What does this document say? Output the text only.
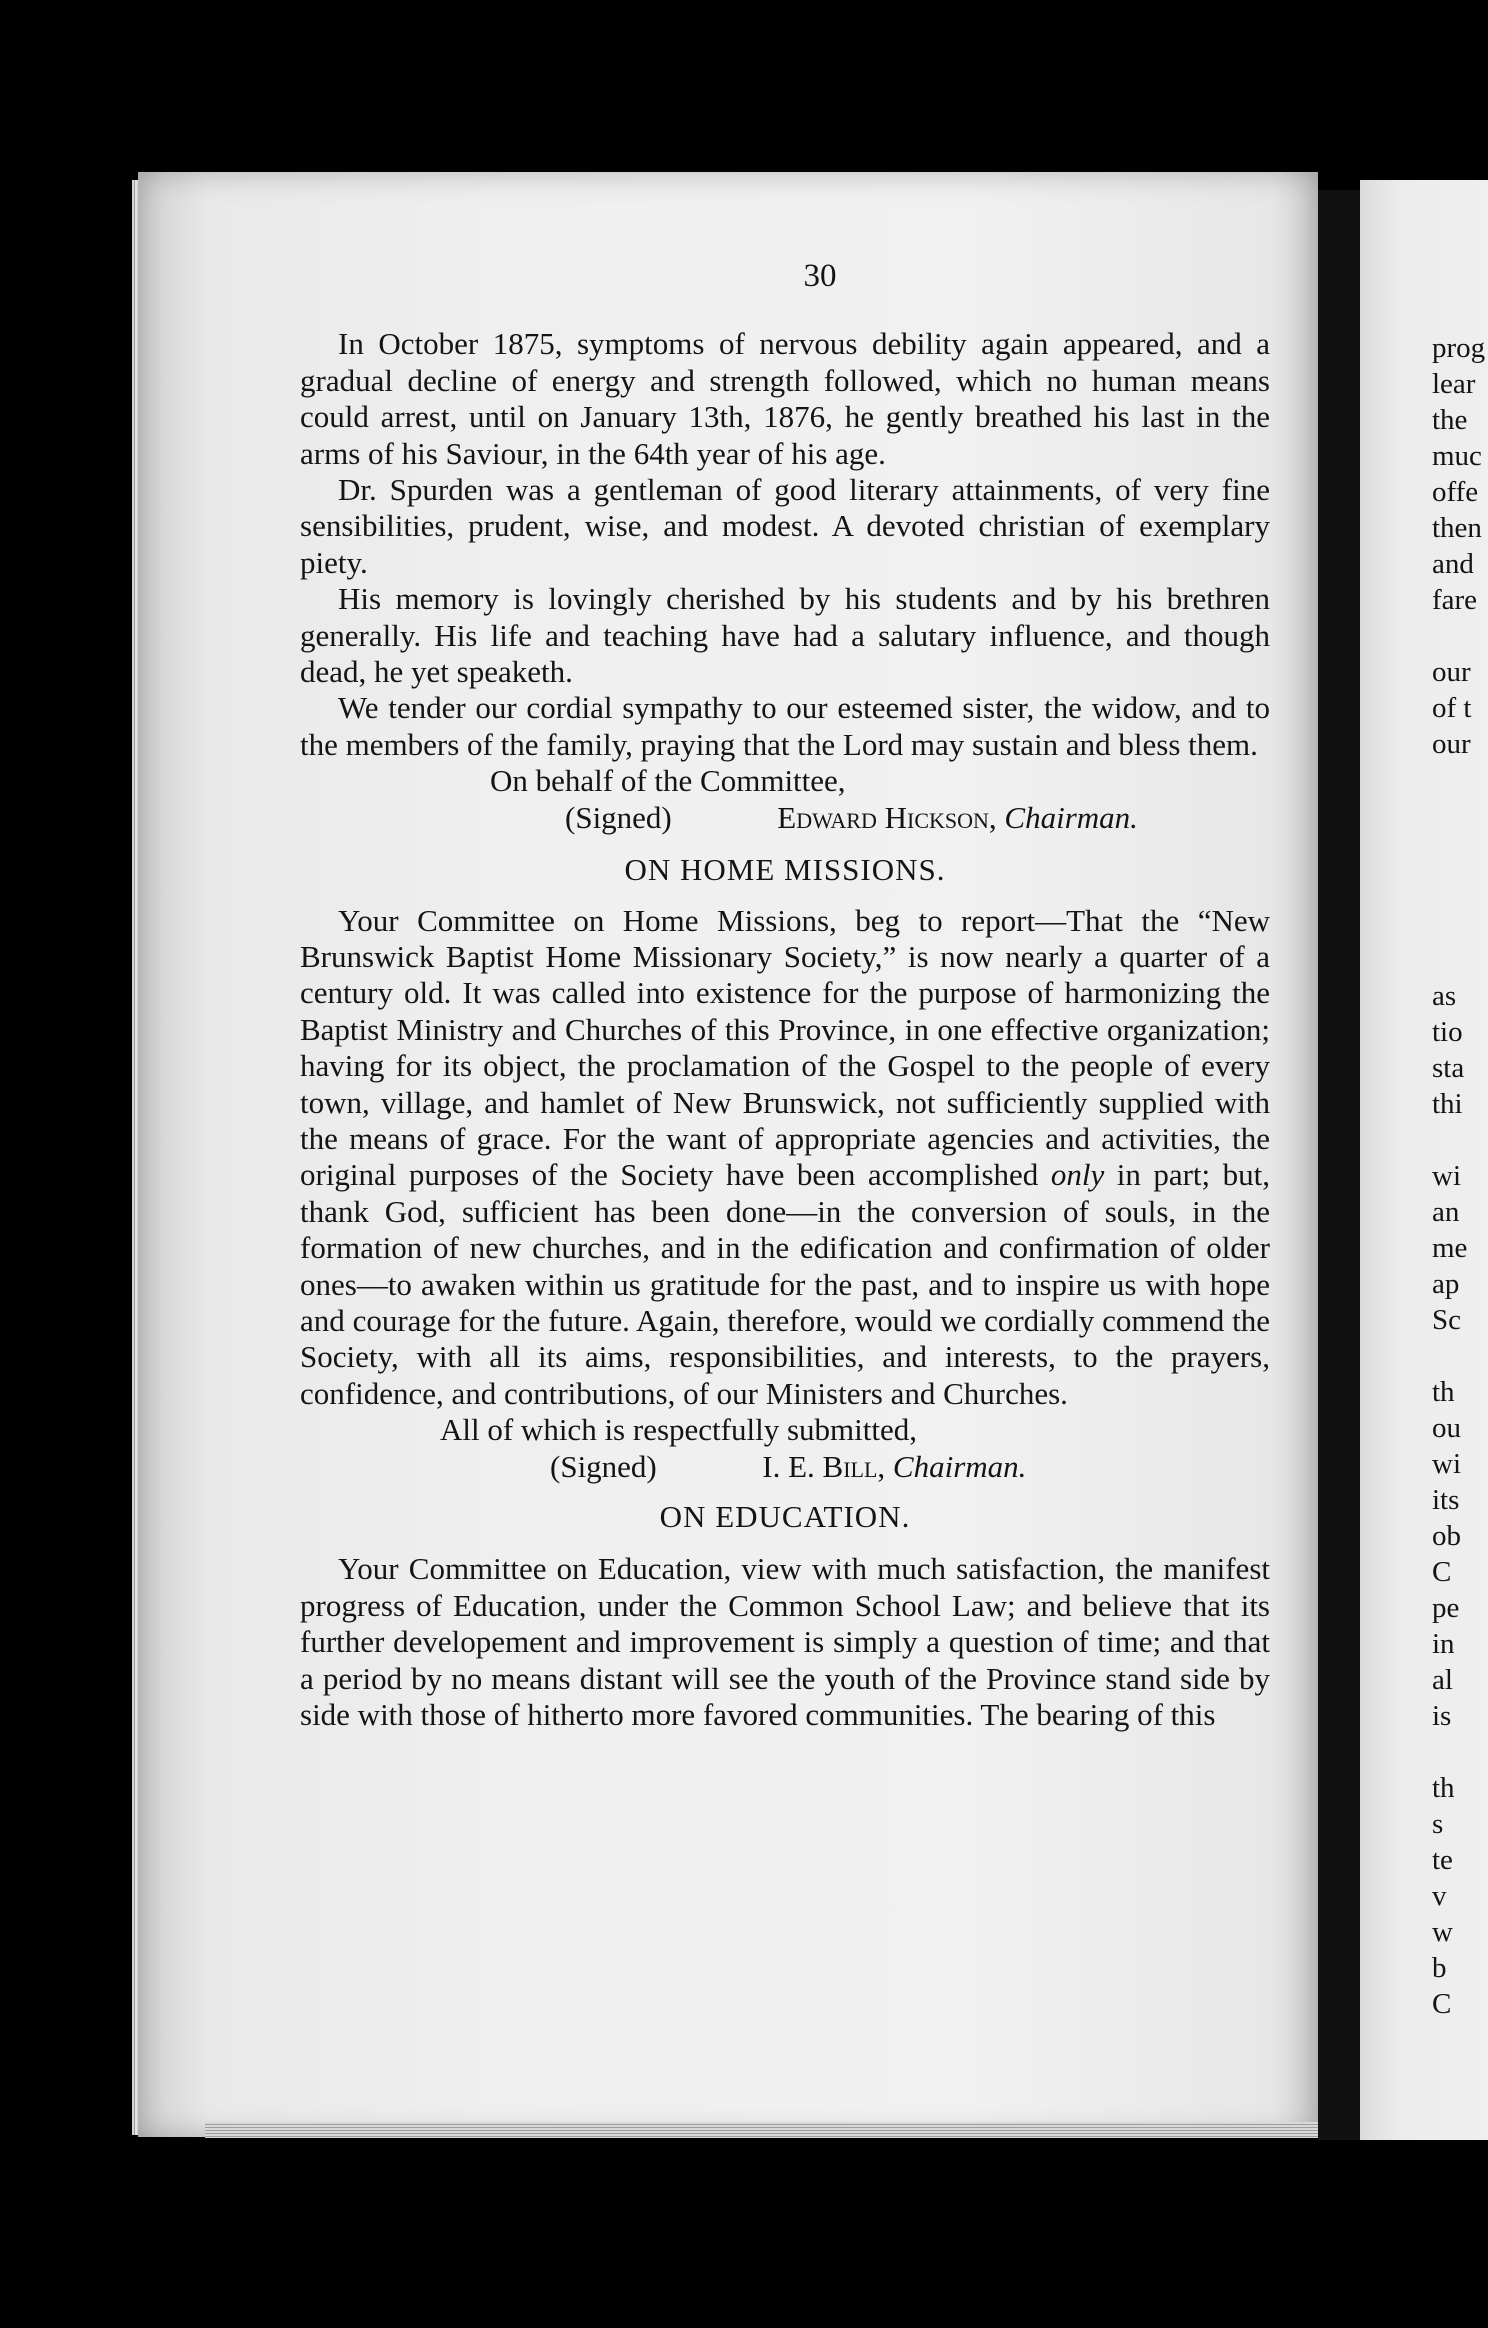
30

In October 1875, symptoms of nervous debility again appeared, and a gradual decline of energy and strength followed, which no human means could arrest, until on January 13th, 1876, he gently breathed his last in the arms of his Saviour, in the 64th year of his age.

Dr. Spurden was a gentleman of good literary attainments, of very fine sensibilities, prudent, wise, and modest. A devoted christian of exemplary piety.

His memory is lovingly cherished by his students and by his brethren generally. His life and teaching have had a salutary influence, and though dead, he yet speaketh.

We tender our cordial sympathy to our esteemed sister, the widow, and to the members of the family, praying that the Lord may sustain and bless them.

On behalf of the Committee,

(Signed)	Edward Hickson, Chairman.

ON HOME MISSIONS.

Your Committee on Home Missions, beg to report—That the “New Brunswick Baptist Home Missionary Society,” is now nearly a quarter of a century old. It was called into existence for the purpose of harmonizing the Baptist Ministry and Churches of this Province, in one effective organization; having for its object, the proclamation of the Gospel to the people of every town, village, and hamlet of New Brunswick, not sufficiently supplied with the means of grace. For the want of appropriate agencies and activities, the original purposes of the Society have been accomplished only in part; but, thank God, sufficient has been done—in the conversion of souls, in the formation of new churches, and in the edification and confirmation of older ones—to awaken within us gratitude for the past, and to inspire us with hope and courage for the future. Again, therefore, would we cordially commend the Society, with all its aims, responsibilities, and interests, to the prayers, confidence, and contributions, of our Ministers and Churches.

All of which is respectfully submitted,

(Signed)	I. E. Bill, Chairman.

ON EDUCATION.

Your Committee on Education, view with much satisfaction, the manifest progress of Education, under the Common School Law; and believe that its further developement and improvement is simply a question of time; and that a period by no means distant will see the youth of the Province stand side by side with those of hitherto more favored communities. The bearing of this

prog
lear
the
muc
offe
then
and
fare
our
of t
our
as
tio
sta
thi
wi
an
me
ap
Sc
th
ou
wi
its
ob
C
pe
in
al
is
th
s
te
v
w
b
C
